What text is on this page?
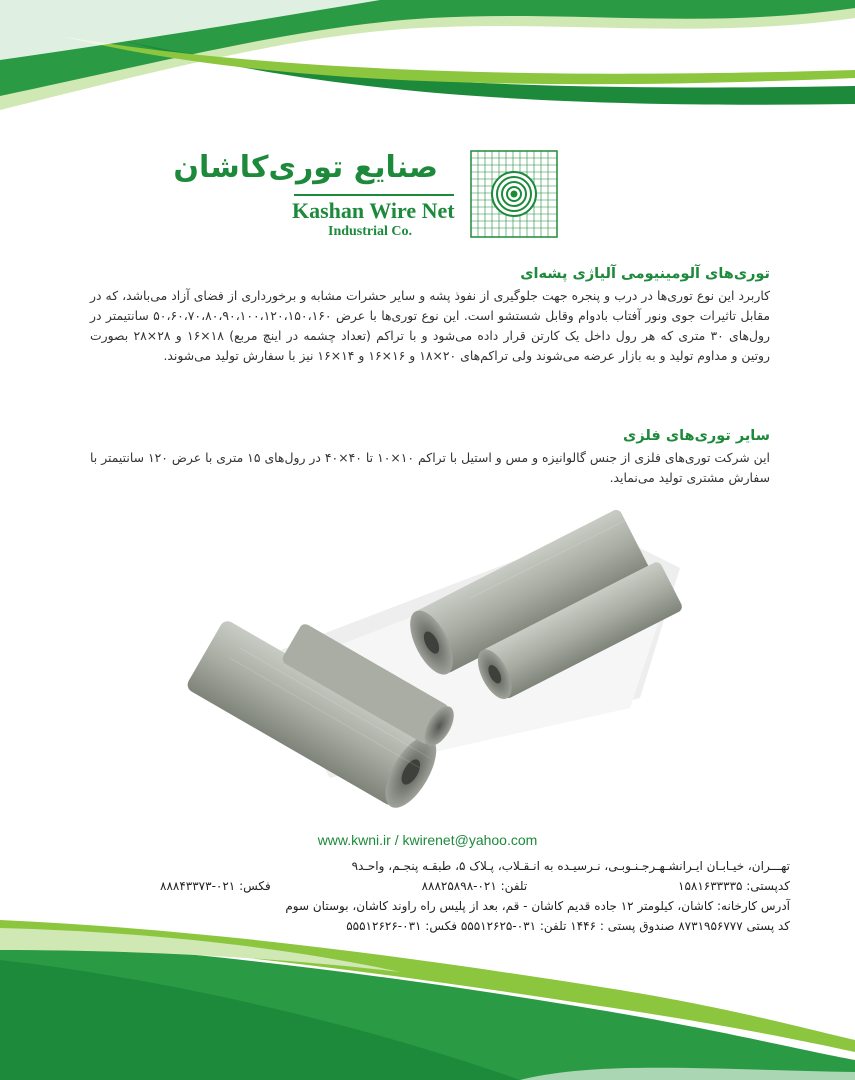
صنایع توری‌کاشان
Kashan Wire Net
Industrial Co.
توری‌های آلومینیومی آلیاژی پشه‌ای

کاربرد این نوع توری‌ها در درب و پنجره جهت جلوگیری از نفوذ پشه و سایر حشرات مشابه و برخورداری از فضای آزاد می‌باشد، که در مقابل تاثیرات جوی ونور آفتاب بادوام وقابل شستشو است. این نوع توری‌ها با عرض ۵۰،۶۰،۷۰،۸۰،۹۰،۱۰۰،۱۲۰،۱۵۰،۱۶۰ سانتیمتر در رول‌های ۳۰ متری که هر رول داخل یک کارتن قرار داده می‌شود و با تراکم (تعداد چشمه در اینچ مربع) ۱۸×۱۶ و ۲۸×۲۸ بصورت روتین و مداوم تولید و به بازار عرضه می‌شوند ولی تراکم‌های ۲۰×۱۸ و ۱۶×۱۶ و ۱۴×۱۶ نیز با سفارش تولید می‌شوند.

سایر توری‌های فلزی

این شرکت توری‌های فلزی از جنس گالوانیزه و مس و استیل با تراکم ۱۰×۱۰ تا ۴۰×۴۰ در رول‌های ۱۵ متری با عرض ۱۲۰ سانتیمتر با سفارش مشتری تولید می‌نماید.

www.kwni.ir / kwirenet@yahoo.com
تهـــران، خیـابـان ایـرانشـهـرجـنـوبـی، نـرسیـده به انـقـلاب، پـلاک ۵، طبقـه پنجـم، واحـد۹
کدپستی: ۱۵۸۱۶۳۳۳۳۵
تلفن: ۰۲۱-۸۸۸۲۵۸۹۸
فکس: ۰۲۱-۸۸۸۴۳۳۷۳
آدرس کارخانه: کاشان، کیلومتر ۱۲ جاده قدیم کاشان - قم، بعد از پلیس راه راوند کاشان، بوستان سوم
کد پستی ۸۷۳۱۹۵۶۷۷۷ صندوق پستی : ۱۴۴۶ تلفن: ۰۳۱-۵۵۵۱۲۶۲۵ فکس: ۰۳۱-۵۵۵۱۲۶۲۶
